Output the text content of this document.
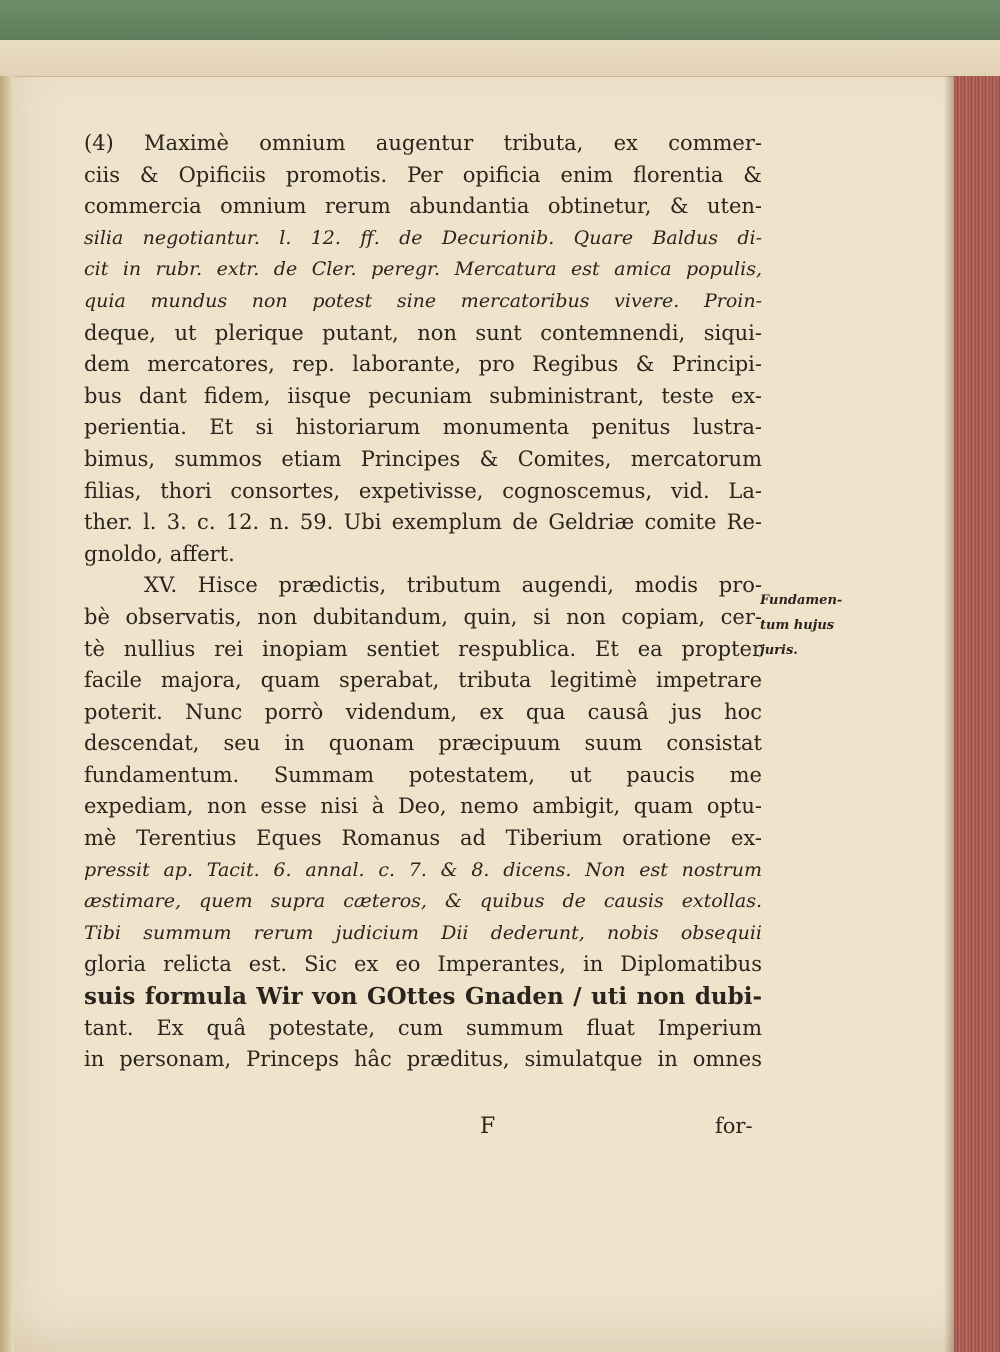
(4) Maximè omnium augentur tributa, ex commer-
ciis & Opificiis promotis. Per opificia enim florentia &
commercia omnium rerum abundantia obtinetur, & uten-
silia negotiantur. l. 12. ff. de Decurionib. Quare Baldus di-
cit in rubr. extr. de Cler. peregr. Mercatura est amica populis,
quia mundus non potest sine mercatoribus vivere. Proin-
deque, ut plerique putant, non sunt contemnendi, siqui-
dem mercatores, rep. laborante, pro Regibus & Principi-
bus dant fidem, iisque pecuniam subministrant, teste ex-
perientia. Et si historiarum monumenta penitus lustra-
bimus, summos etiam Principes & Comites, mercatorum
filias, thori consortes, expetivisse, cognoscemus, vid. La-
ther. l. 3. c. 12. n. 59. Ubi exemplum de Geldriæ comite Re-
gnoldo, affert.
XV. Hisce prædictis, tributum augendi, modis pro-
bè observatis, non dubitandum, quin, si non copiam, cer-
tè nullius rei inopiam sentiet respublica. Et ea propter
facile majora, quam sperabat, tributa legitimè impetrare
poterit. Nunc porrò videndum, ex qua causâ jus hoc
descendat, seu in quonam præcipuum suum consistat
fundamentum. Summam potestatem, ut paucis me
expediam, non esse nisi à Deo, nemo ambigit, quam optu-
mè Terentius Eques Romanus ad Tiberium oratione ex-
pressit ap. Tacit. 6. annal. c. 7. & 8. dicens. Non est nostrum
æstimare, quem supra cæteros, & quibus de causis extollas.
Tibi summum rerum judicium Dii dederunt, nobis obsequii
gloria relicta est. Sic ex eo Imperantes, in Diplomatibus
suis formula Wir von GOttes Gnaden / uti non dubi-
tant. Ex quâ potestate, cum summum fluat Imperium
in personam, Princeps hâc præditus, simulatque in omnes
Fundamen-
tum hujus
juris.
F	for-
